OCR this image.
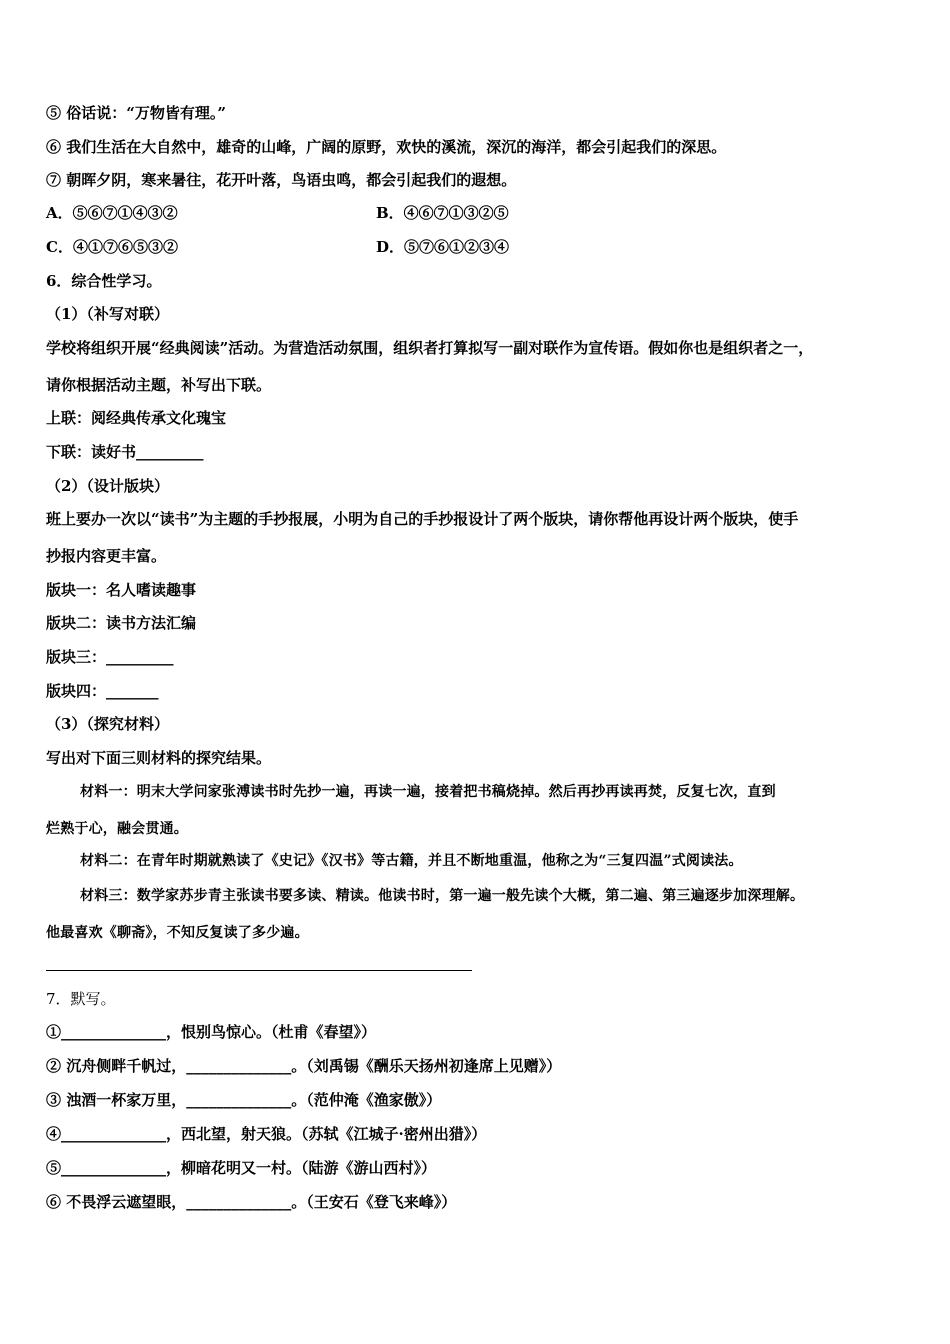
⑤ 俗话说：“万物皆有理。”
⑥ 我们生活在大自然中，雄奇的山峰，广阔的原野，欢快的溪流，深沉的海洋，都会引起我们的深思。
⑦ 朝晖夕阴，寒来暑往，花开叶落，鸟语虫鸣，都会引起我们的遐想。
A．⑤⑥⑦①④③②	B．④⑥⑦①③②⑤
C．④①⑦⑥⑤③②	D．⑤⑦⑥①②③④
6．综合性学习。
（1）（补写对联）
学校将组织开展“经典阅读”活动。为营造活动氛围，组织者打算拟写一副对联作为宣传语。假如你也是组织者之一，
请你根据活动主题，补写出下联。
上联：阅经典传承文化瑰宝
下联：读好书_________
（2）（设计版块）
班上要办一次以“读书”为主题的手抄报展，小明为自己的手抄报设计了两个版块，请你帮他再设计两个版块，使手
抄报内容更丰富。
版块一：名人嗜读趣事
版块二：读书方法汇编
版块三：_________
版块四：_______
（3）（探究材料）
写出对下面三则材料的探究结果。
材料一：明末大学问家张溥读书时先抄一遍，再读一遍，接着把书稿烧掉。然后再抄再读再焚，反复七次，直到
烂熟于心，融会贯通。
材料二：在青年时期就熟读了《史记》《汉书》等古籍，并且不断地重温，他称之为“三复四温”式阅读法。
材料三：数学家苏步青主张读书要多读、精读。他读书时，第一遍一般先读个大概，第二遍、第三遍逐步加深理解。
他最喜欢《聊斋》，不知反复读了多少遍。
7．默写。
①______________，恨别鸟惊心。（杜甫《春望》）
② 沉舟侧畔千帆过，______________。（刘禹锡《酬乐天扬州初逢席上见赠》）
③ 浊酒一杯家万里，______________。（范仲淹《渔家傲》）
④______________，西北望，射天狼。（苏轼《江城子·密州出猎》）
⑤______________，柳暗花明又一村。（陆游《游山西村》）
⑥ 不畏浮云遮望眼，______________。（王安石《登飞来峰》）
